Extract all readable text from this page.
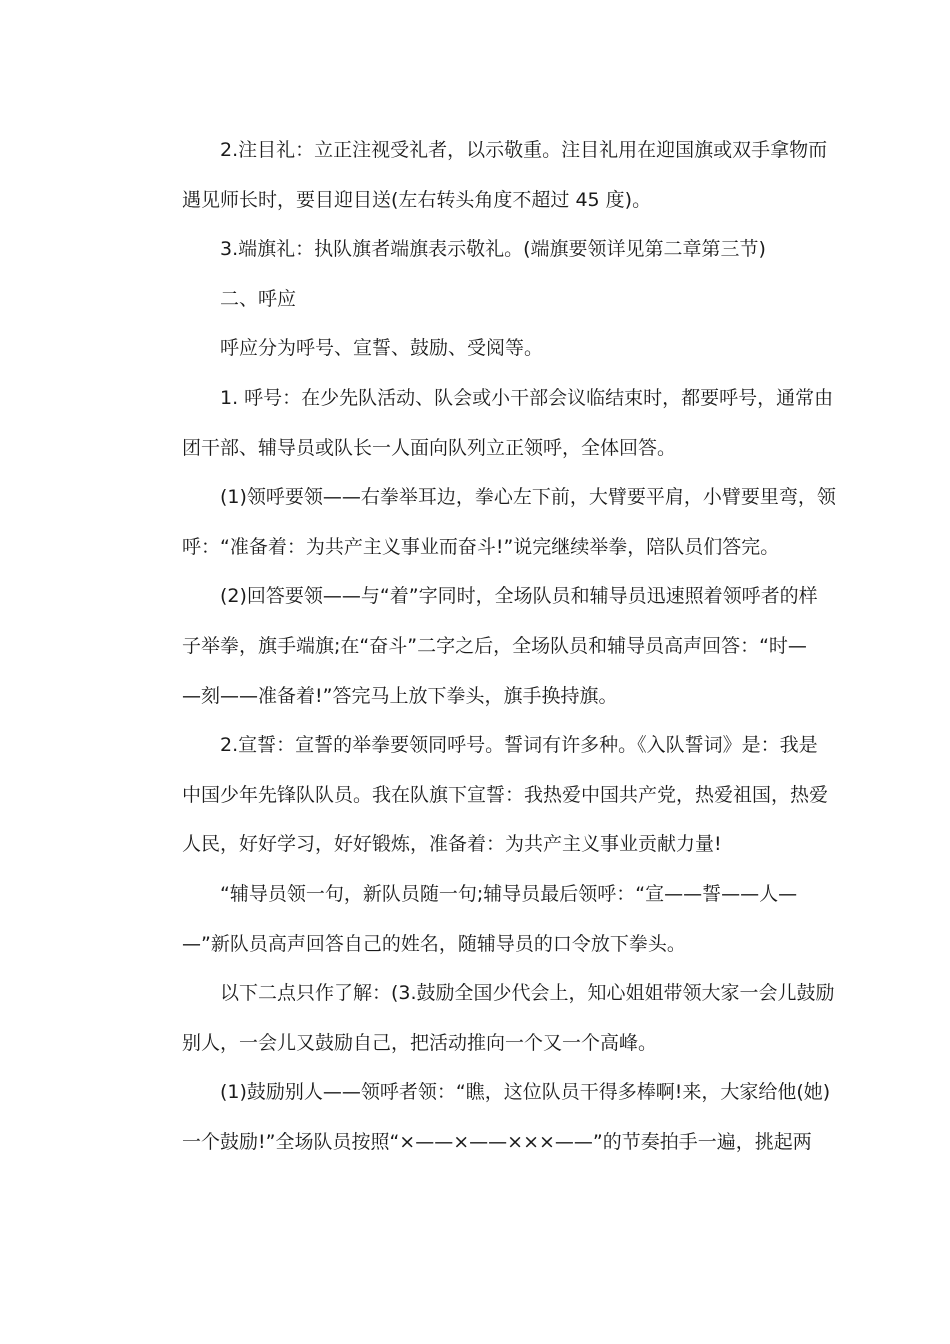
2.注目礼：立正注视受礼者，以示敬重。注目礼用在迎国旗或双手拿物而
遇见师长时，要目迎目送(左右转头角度不超过 45 度)。
3.端旗礼：执队旗者端旗表示敬礼。(端旗要领详见第二章第三节)
二、呼应
呼应分为呼号、宣誓、鼓励、受阅等。
1. 呼号：在少先队活动、队会或小干部会议临结束时，都要呼号，通常由
团干部、辅导员或队长一人面向队列立正领呼，全体回答。
(1)领呼要领——右拳举耳边，拳心左下前，大臂要平肩，小臂要里弯，领
呼：“准备着：为共产主义事业而奋斗!”说完继续举拳，陪队员们答完。
(2)回答要领——与“着”字同时，全场队员和辅导员迅速照着领呼者的样
子举拳，旗手端旗;在“奋斗”二字之后，全场队员和辅导员高声回答：“时—
—刻——准备着!”答完马上放下拳头，旗手换持旗。
2.宣誓：宣誓的举拳要领同呼号。誓词有许多种。《入队誓词》是：我是
中国少年先锋队队员。我在队旗下宣誓：我热爱中国共产党，热爱祖国，热爱
人民，好好学习，好好锻炼，准备着：为共产主义事业贡献力量!
“辅导员领一句，新队员随一句;辅导员最后领呼：“宣——誓——人—
—”新队员高声回答自己的姓名，随辅导员的口令放下拳头。
以下二点只作了解：(3.鼓励全国少代会上，知心姐姐带领大家一会儿鼓励
别人，一会儿又鼓励自己，把活动推向一个又一个高峰。
(1)鼓励别人——领呼者领：“瞧，这位队员干得多棒啊!来，大家给他(她)
一个鼓励!”全场队员按照“×——×——×××——”的节奏拍手一遍，挑起两
